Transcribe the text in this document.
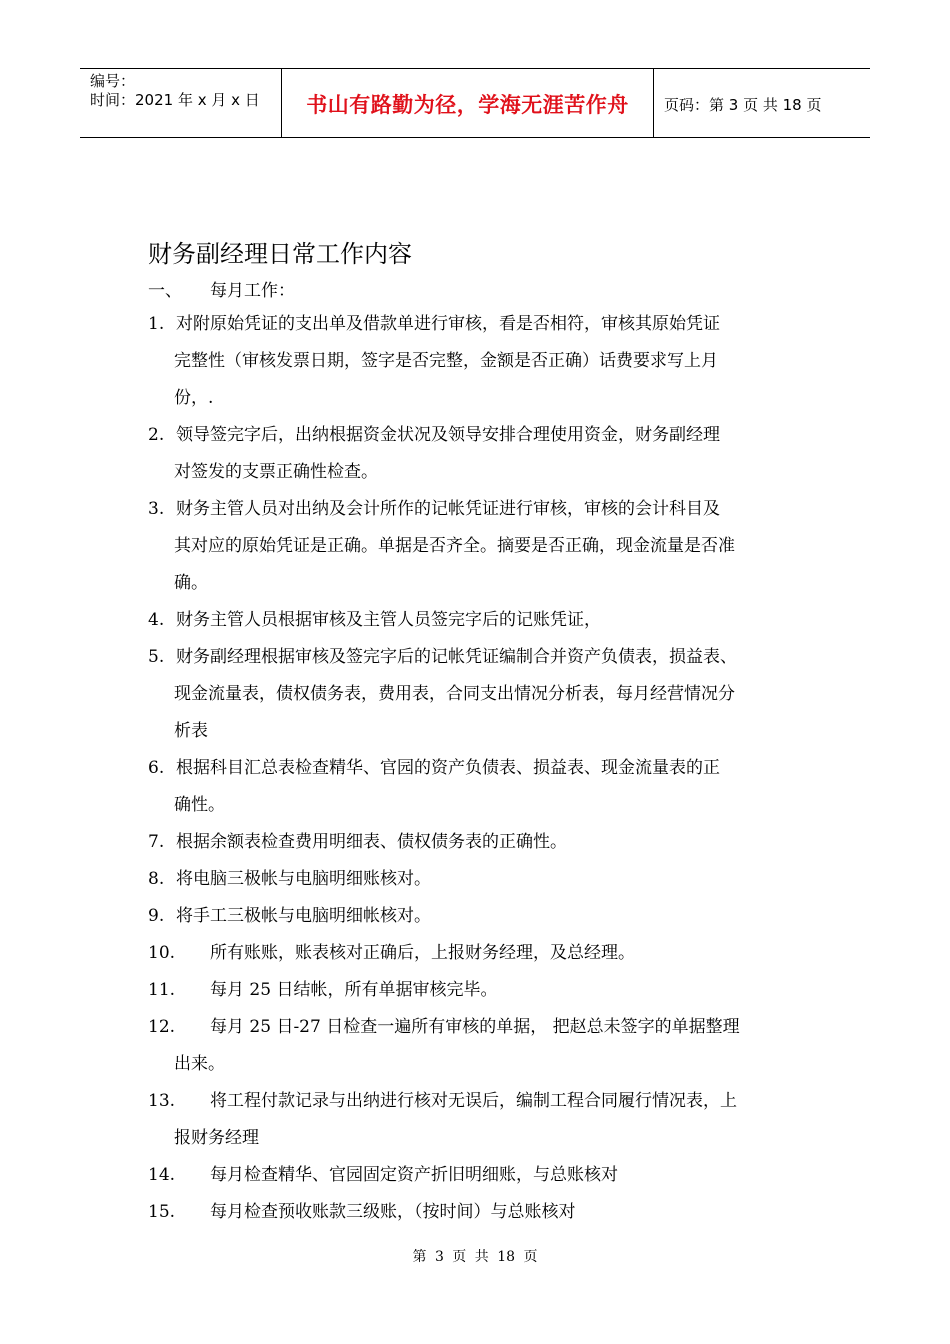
编号：
时间：2021 年 x 月 x 日	书山有路勤为径，学海无涯苦作舟 页码：第 3 页 共 18 页
财务副经理日常工作内容
一、	每月工作：
1. 对附原始凭证的支出单及借款单进行审核，看是否相符，审核其原始凭证
完整性（审核发票日期，签字是否完整，金额是否正确）话费要求写上月
份，.
2. 领导签完字后，出纳根据资金状况及领导安排合理使用资金，财务副经理
对签发的支票正确性检查。
3. 财务主管人员对出纳及会计所作的记帐凭证进行审核，审核的会计科目及
其对应的原始凭证是正确。单据是否齐全。摘要是否正确，现金流量是否准
确。
4. 财务主管人员根据审核及主管人员签完字后的记账凭证，
5. 财务副经理根据审核及签完字后的记帐凭证编制合并资产负债表，损益表、
现金流量表，债权债务表，费用表，合同支出情况分析表，每月经营情况分
析表
6. 根据科目汇总表检查精华、官园的资产负债表、损益表、现金流量表的正
确性。
7. 根据余额表检查费用明细表、债权债务表的正确性。
8. 将电脑三极帐与电脑明细账核对。
9. 将手工三极帐与电脑明细帐核对。
10.	所有账账，账表核对正确后，上报财务经理，及总经理。
11.	每月 25 日结帐，所有单据审核完毕。
12.	每月 25 日-27 日检查一遍所有审核的单据， 把赵总未签字的单据整理
出来。
13.	将工程付款记录与出纳进行核对无误后，编制工程合同履行情况表，上
报财务经理
14.	每月检查精华、官园固定资产折旧明细账，与总账核对
15.	每月检查预收账款三级账，（按时间）与总账核对
第 3 页 共 18 页
